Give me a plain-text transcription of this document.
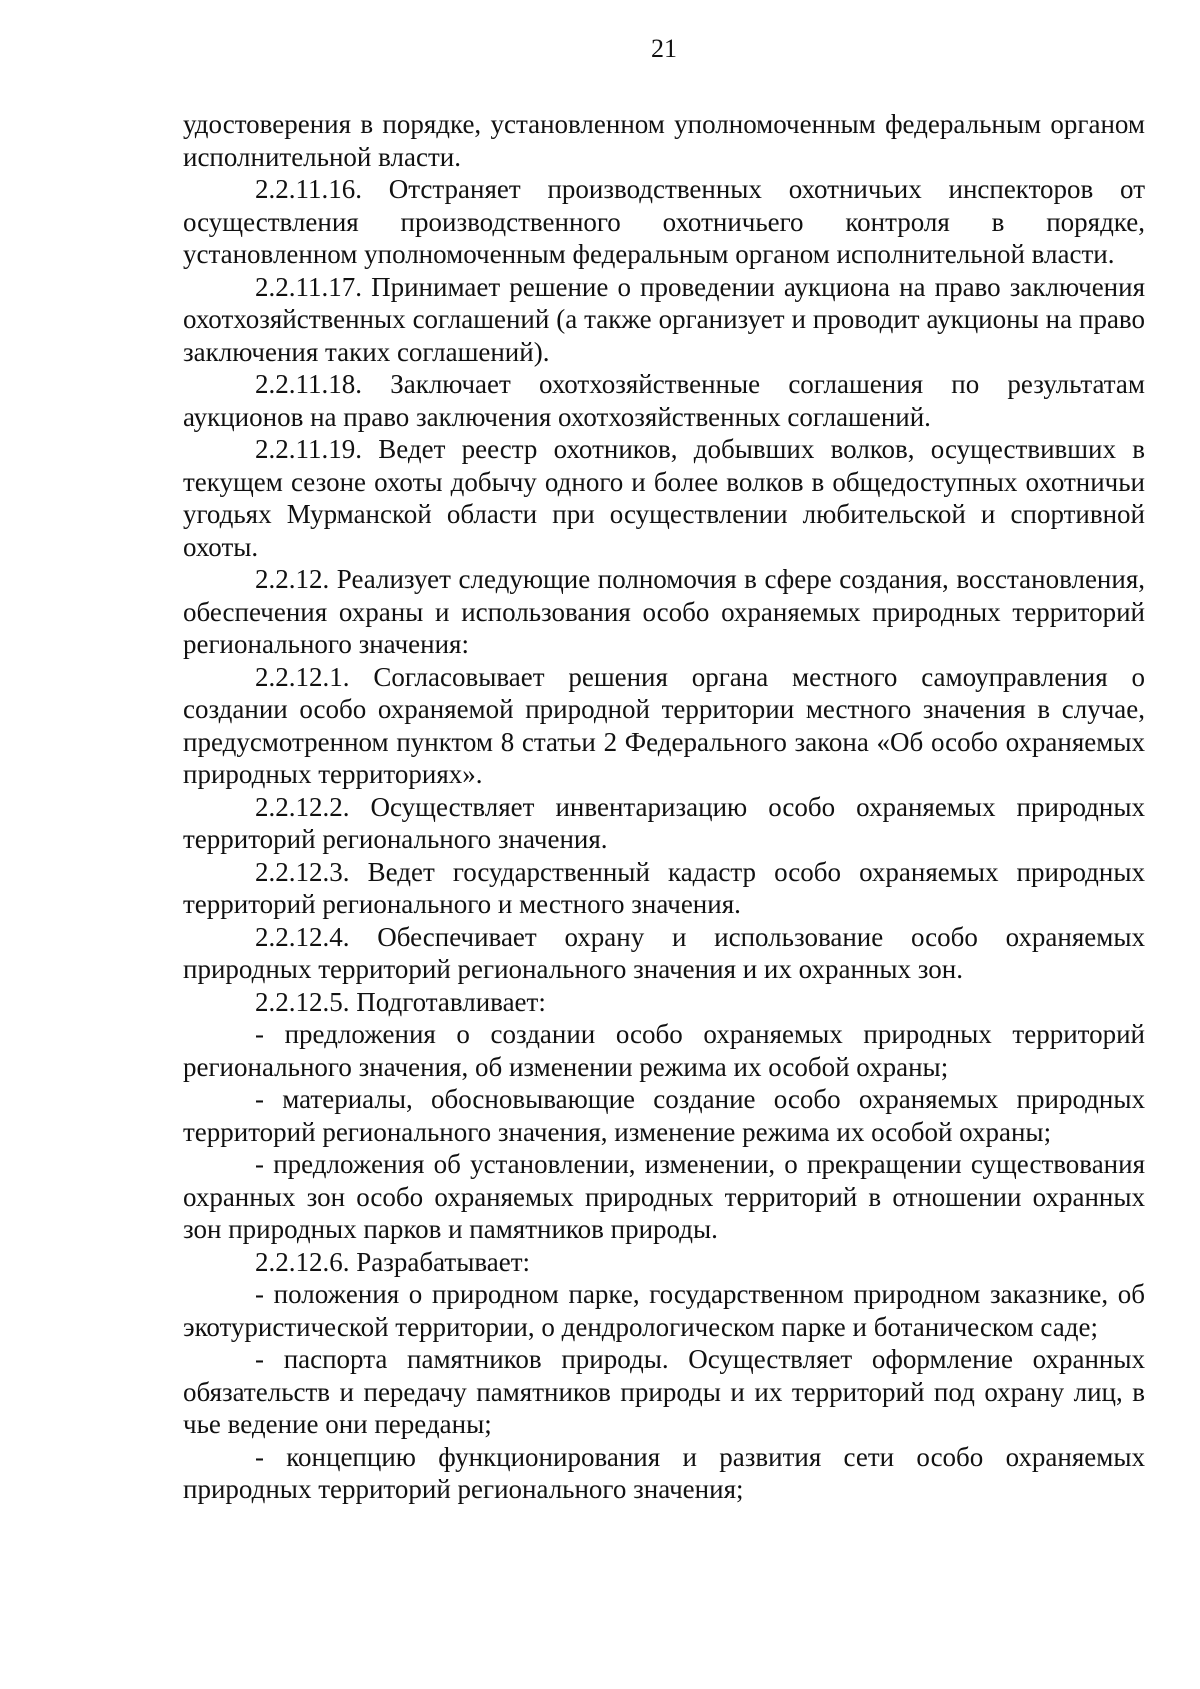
21

удостоверения в порядке, установленном уполномоченным федеральным органом исполнительной власти.

2.2.11.16. Отстраняет производственных охотничьих инспекторов от осуществления производственного охотничьего контроля в порядке, установленном уполномоченным федеральным органом исполнительной власти.

2.2.11.17. Принимает решение о проведении аукциона на право заключения охотхозяйственных соглашений (а также организует и проводит аукционы на право заключения таких соглашений).

2.2.11.18. Заключает охотхозяйственные соглашения по результатам аукционов на право заключения охотхозяйственных соглашений.

2.2.11.19. Ведет реестр охотников, добывших волков, осуществивших в текущем сезоне охоты добычу одного и более волков в общедоступных охотничьи угодьях Мурманской области при осуществлении любительской и спортивной охоты.

2.2.12. Реализует следующие полномочия в сфере создания, восстановления, обеспечения охраны и использования особо охраняемых природных территорий регионального значения:

2.2.12.1. Согласовывает решения органа местного самоуправления о создании особо охраняемой природной территории местного значения в случае, предусмотренном пунктом 8 статьи 2 Федерального закона «Об особо охраняемых природных территориях».

2.2.12.2. Осуществляет инвентаризацию особо охраняемых природных территорий регионального значения.

2.2.12.3. Ведет государственный кадастр особо охраняемых природных территорий регионального и местного значения.

2.2.12.4. Обеспечивает охрану и использование особо охраняемых природных территорий регионального значения и их охранных зон.

2.2.12.5. Подготавливает:

- предложения о создании особо охраняемых природных территорий регионального значения, об изменении режима их особой охраны;

- материалы, обосновывающие создание особо охраняемых природных территорий регионального значения, изменение режима их особой охраны;

- предложения об установлении, изменении, о прекращении существования охранных зон особо охраняемых природных территорий в отношении охранных зон природных парков и памятников природы.

2.2.12.6. Разрабатывает:

- положения о природном парке, государственном природном заказнике, об экотуристической территории, о дендрологическом парке и ботаническом саде;

- паспорта памятников природы. Осуществляет оформление охранных обязательств и передачу памятников природы и их территорий под охрану лиц, в чье ведение они переданы;

- концепцию функционирования и развития сети особо охраняемых природных территорий регионального значения;
